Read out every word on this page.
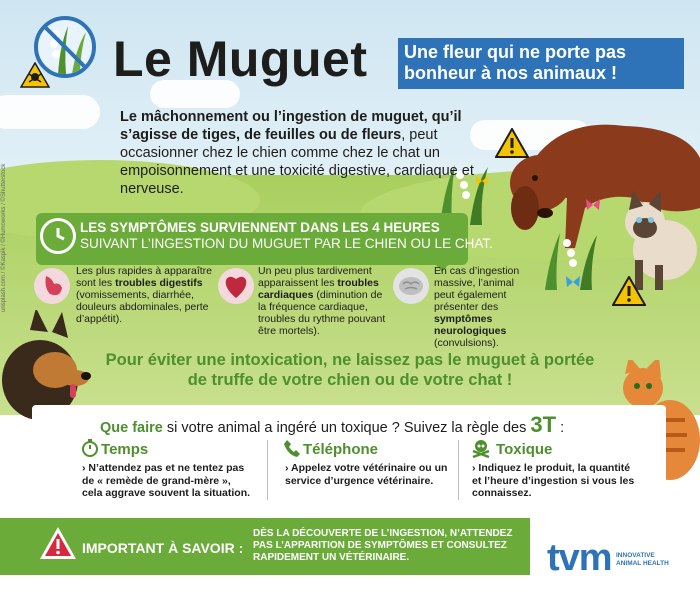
Le Muguet Une fleur qui ne porte pas
bonheur à nos animaux !
Le mâchonnement ou l’ingestion de muguet, qu’il s’agisse de tiges, de feuilles ou de fleurs, peut occasionner chez le chien comme chez le chat un empoisonnement et une toxicité digestive, cardiaque et nerveuse.
LES SYMPTÔMES SURVIENNENT DANS LES 4 HEURES
SUIVANT L’INGESTION DU MUGUET PAR LE CHIEN OU LE CHAT.
Les plus rapides à apparaître sont les troubles digestifs (vomissements, diarrhée, douleurs abdominales, perte d’appétit).
Un peu plus tardivement apparaissent les troubles cardiaques (diminution de la fréquence cardiaque, troubles du rythme pouvant être mortels).
En cas d’ingestion massive, l’animal peut également présenter des symptômes neurologiques (convulsions).
Pour éviter une intoxication, ne laissez pas le muguet à portée
de truffe de votre chien ou de votre chat !
Que faire si votre animal a ingéré un toxique ? Suivez la règle des 3T :
Temps
› N’attendez pas et ne tentez pas de « remède de grand-mère », cela aggrave souvent la situation.
Téléphone
› Appelez votre vétérinaire ou un service d’urgence vétérinaire.
Toxique
› Indiquez le produit, la quantité et l’heure d’ingestion si vous les connaissez.
IMPORTANT À SAVOIR :
DÈS LA DÉCOUVERTE DE L’INGESTION, N’ATTENDEZ PAS L’APPARITION DE SYMPTÔMES ET CONSULTEZ RAPIDEMENT UN VÉTÉRINAIRE.	tvm INNOVATIVE
ANIMAL HEALTH
unsplash.com / ©Kaspik / ©Humoworks / ©Shutterstock
